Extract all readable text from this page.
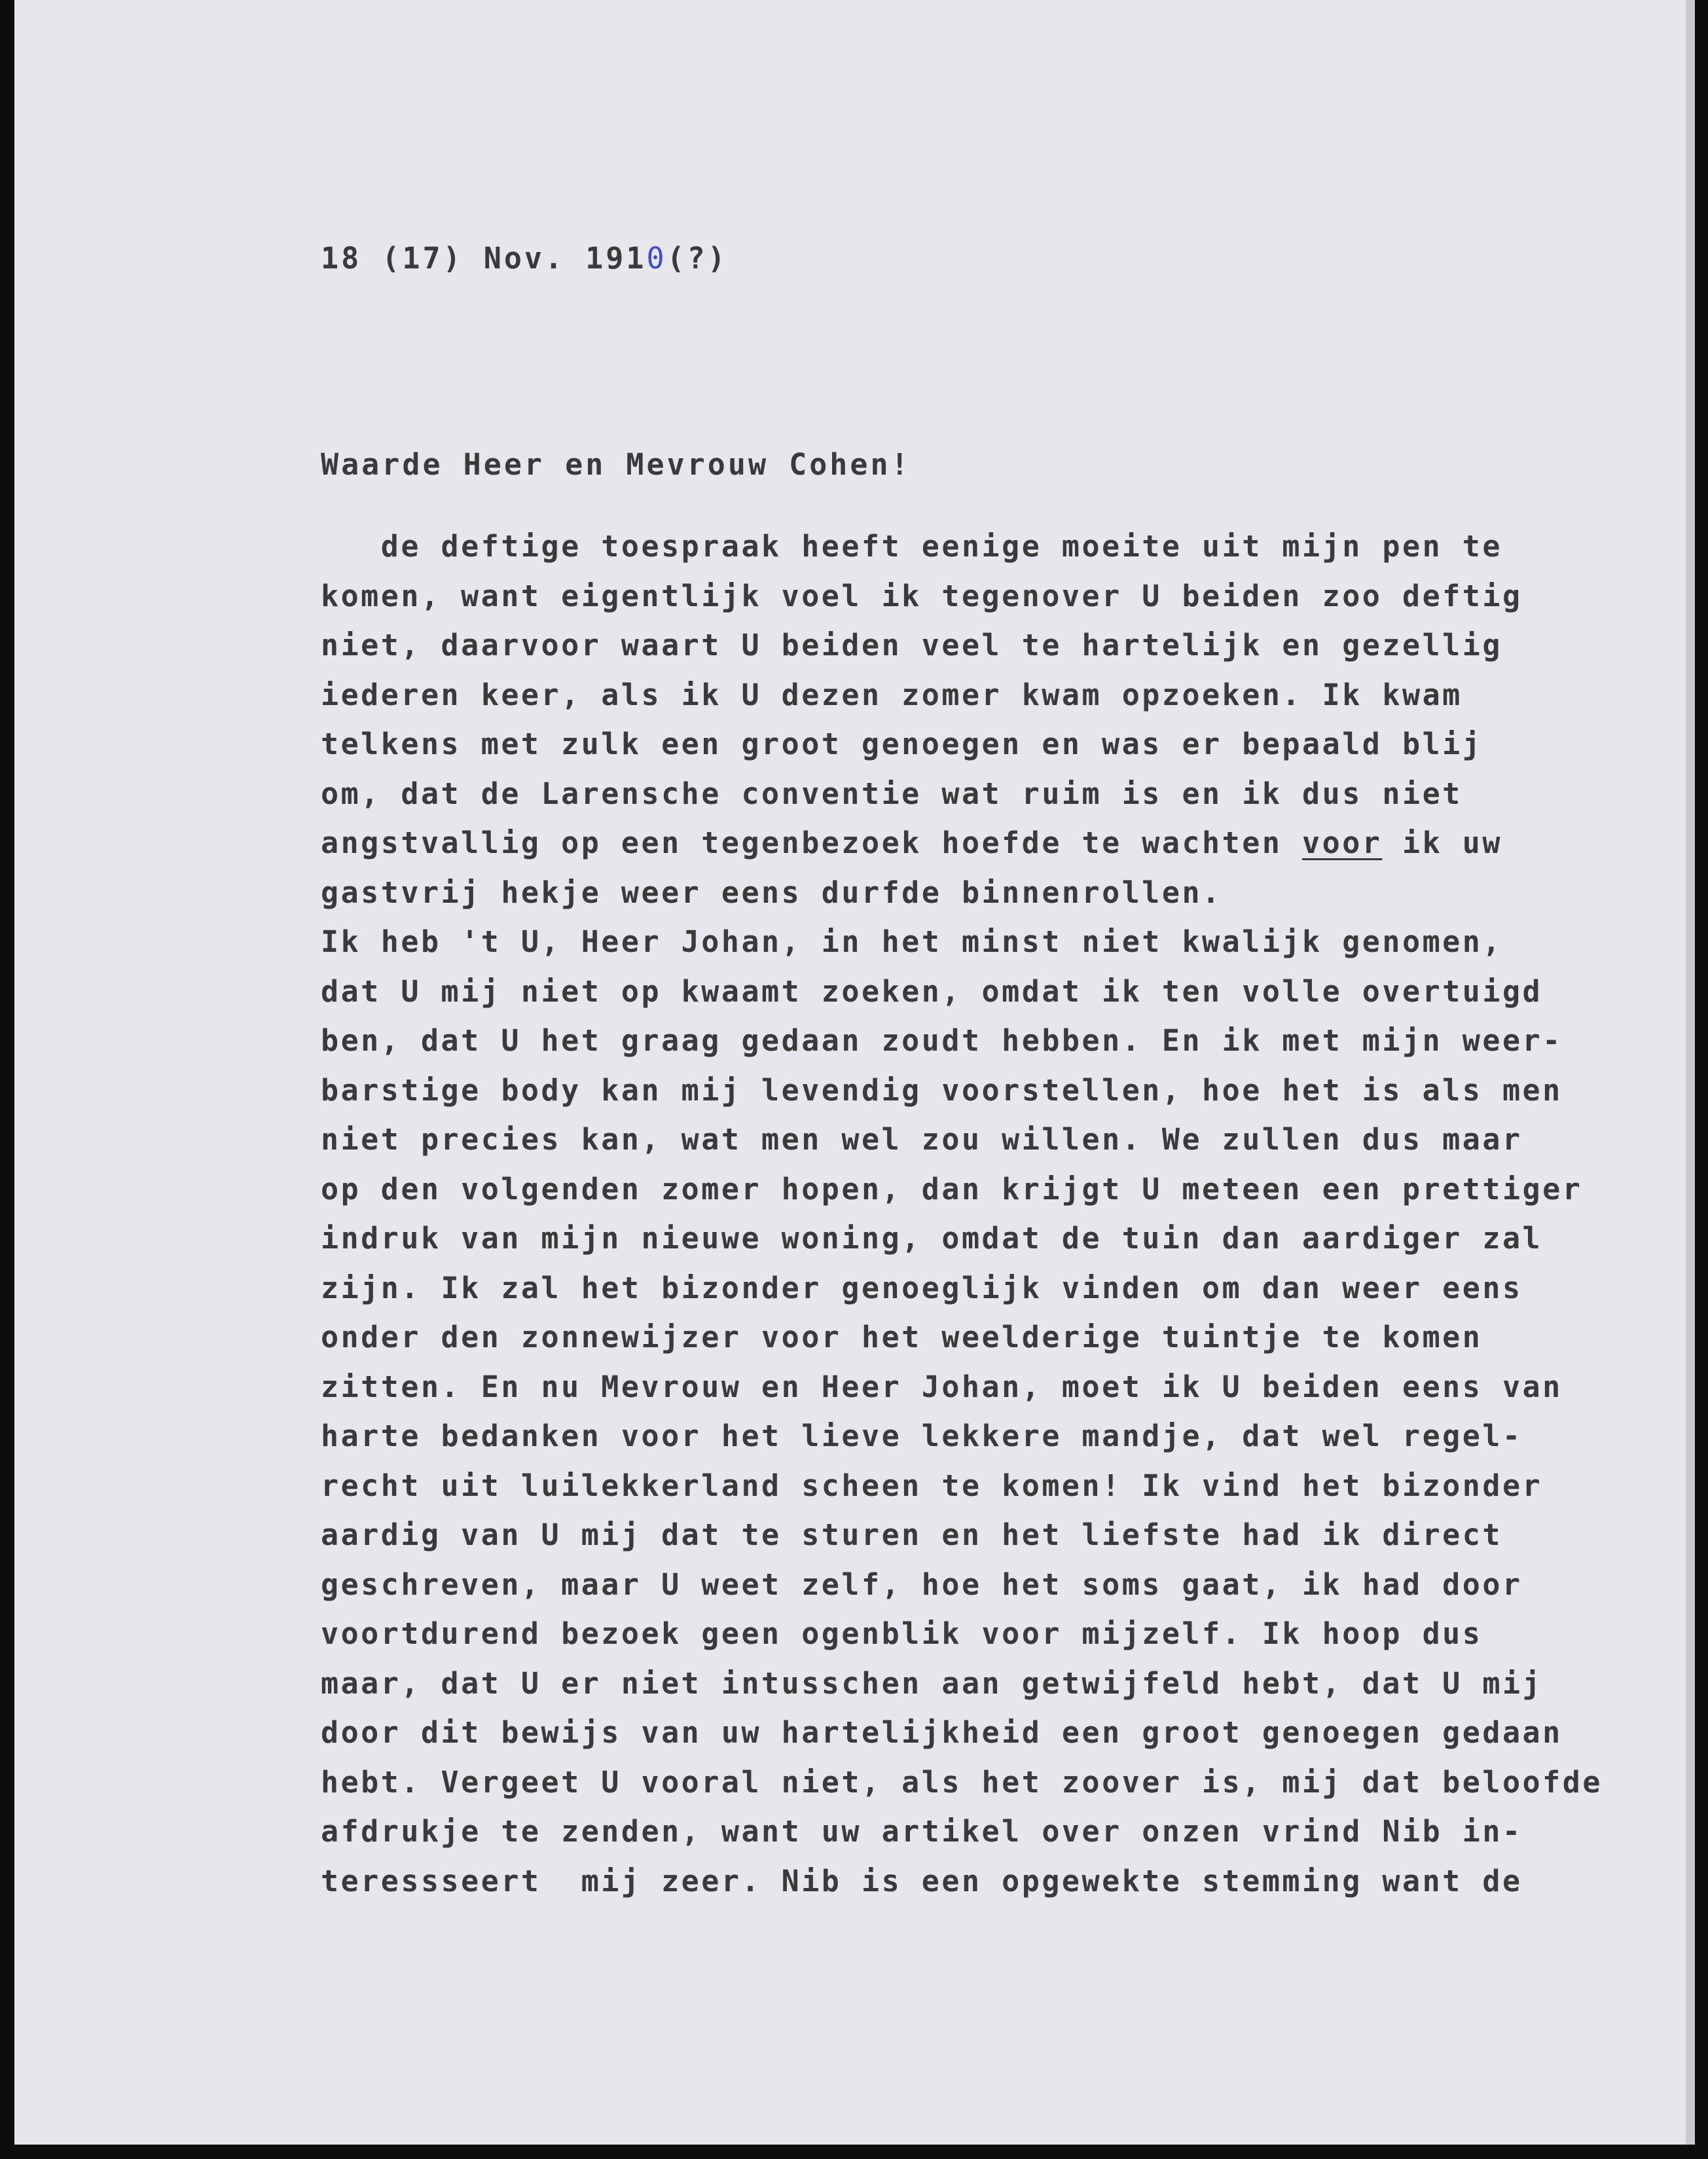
18 (17) Nov. 1910(?)

Waarde Heer en Mevrouw Cohen!

de deftige toespraak heeft eenige moeite uit mijn pen te
komen, want eigentlijk voel ik tegenover U beiden zoo deftig
niet, daarvoor waart U beiden veel te hartelijk en gezellig
iederen keer, als ik U dezen zomer kwam opzoeken. Ik kwam
telkens met zulk een groot genoegen en was er bepaald blij
om, dat de Larensche conventie wat ruim is en ik dus niet
angstvallig op een tegenbezoek hoefde te wachten voor ik uw
gastvrij hekje weer eens durfde binnenrollen.
Ik heb 't U, Heer Johan, in het minst niet kwalijk genomen,
dat U mij niet op kwaamt zoeken, omdat ik ten volle overtuigd
ben, dat U het graag gedaan zoudt hebben. En ik met mijn weer-
barstige body kan mij levendig voorstellen, hoe het is als men
niet precies kan, wat men wel zou willen. We zullen dus maar
op den volgenden zomer hopen, dan krijgt U meteen een prettiger
indruk van mijn nieuwe woning, omdat de tuin dan aardiger zal
zijn. Ik zal het bizonder genoeglijk vinden om dan weer eens
onder den zonnewijzer voor het weelderige tuintje te komen
zitten. En nu Mevrouw en Heer Johan, moet ik U beiden eens van
harte bedanken voor het lieve lekkere mandje, dat wel regel-
recht uit luilekkerland scheen te komen! Ik vind het bizonder
aardig van U mij dat te sturen en het liefste had ik direct
geschreven, maar U weet zelf, hoe het soms gaat, ik had door
voortdurend bezoek geen ogenblik voor mijzelf. Ik hoop dus
maar, dat U er niet intusschen aan getwijfeld hebt, dat U mij
door dit bewijs van uw hartelijkheid een groot genoegen gedaan
hebt. Vergeet U vooral niet, als het zoover is, mij dat beloofde
afdrukje te zenden, want uw artikel over onzen vrind Nib in-
teressseert  mij zeer. Nib is een opgewekte stemming want de
